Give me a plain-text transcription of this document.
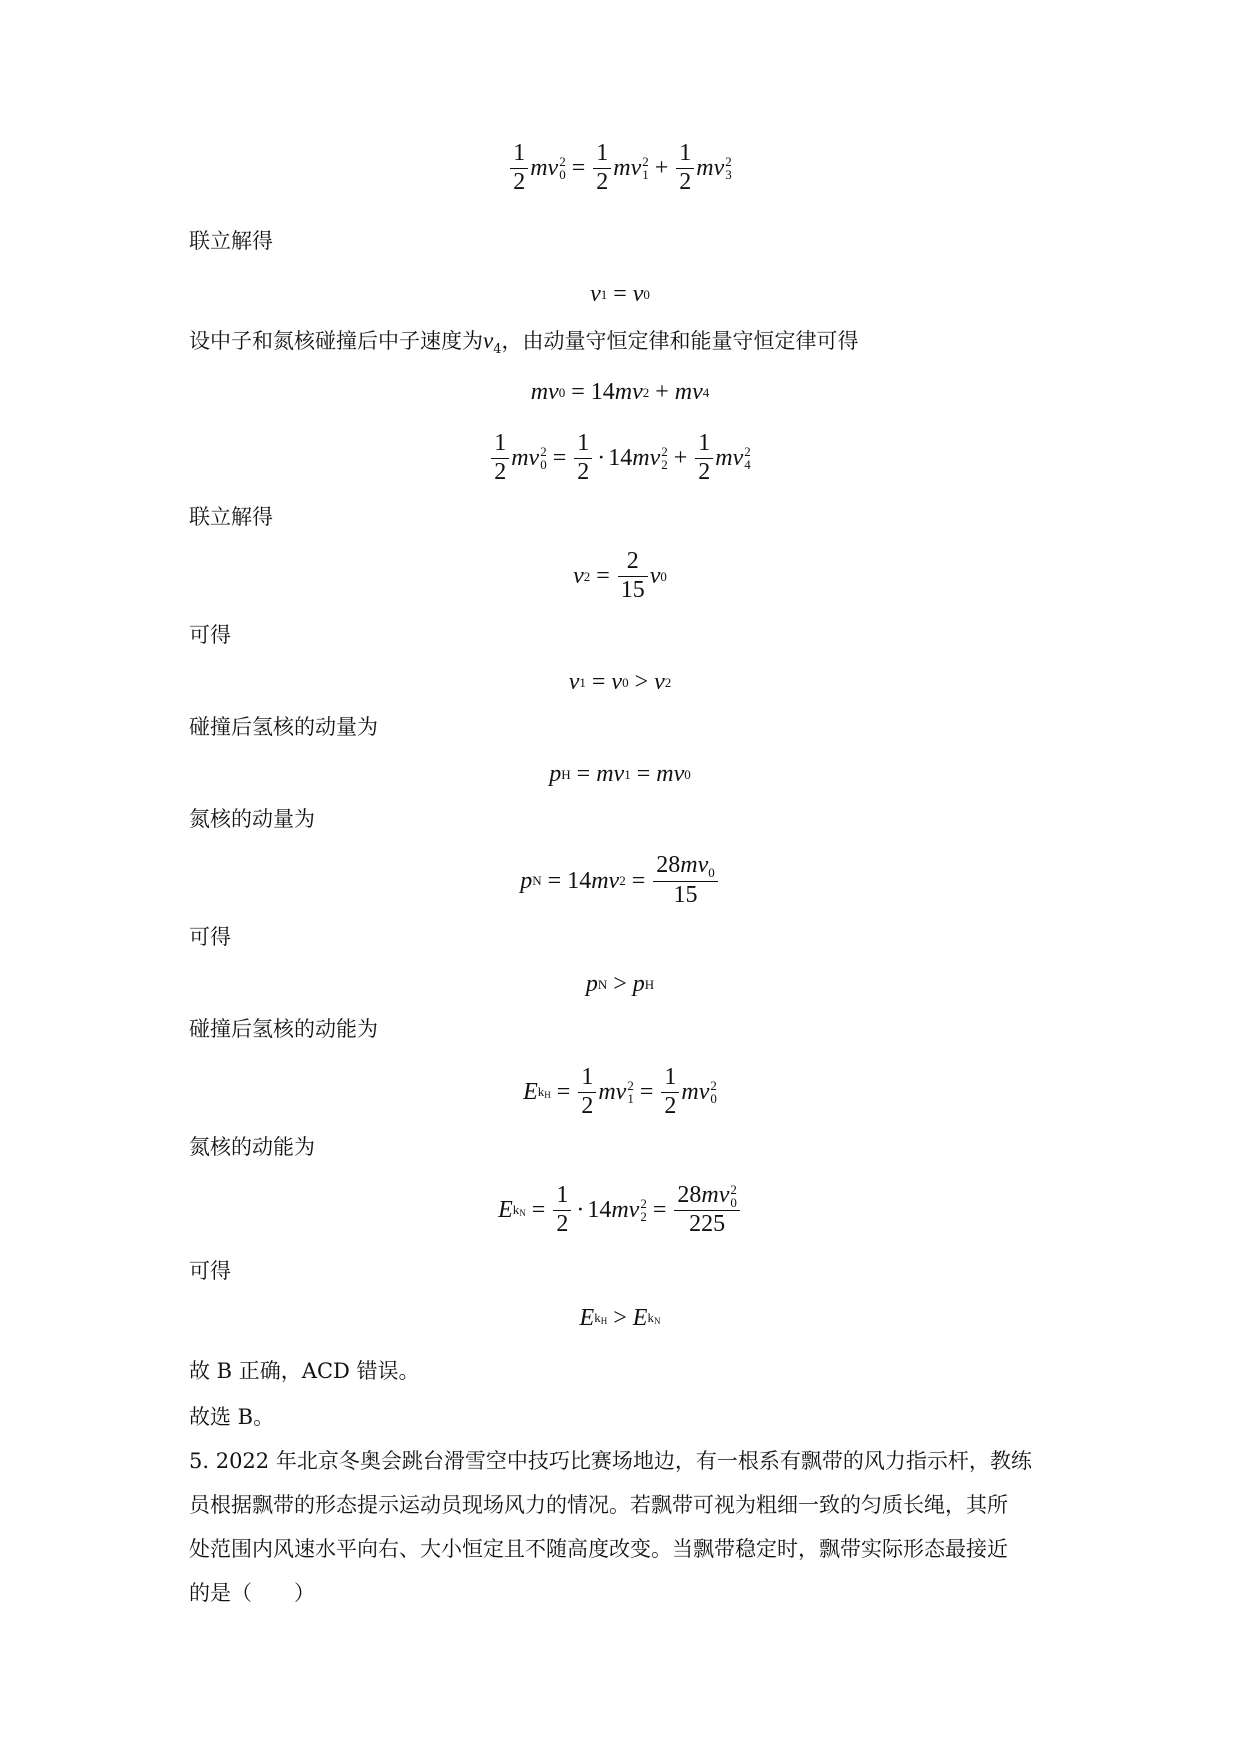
$\frac{1}{2}$ m v 2
$0 = \frac{1}{2}$ m v 2
$1 + \frac{1}{2}$ m v 2
3
联立解得
v 1 = v 0
设中子和氮核碰撞后中子速度为$v_4$，由动量守恒定律和能量守恒定律可得
m v 0 = 14 m v 2 + m v 4
$\frac{1}{2}$ m v 2
$0 = \frac{1}{2} \cdot 14$ m v 2
$2 + \frac{1}{2}$ m v 2
4
联立解得
v $2 = \frac{2}{15}$ v 0
可得
v 1 = v 0 > v 2
碰撞后氢核的动量为
p H = m v 1 = m v 0
氮核的动量为
p N = 14 m v $2 = \frac{28mv_0}{15}$
可得
p N > p H
碰撞后氢核的动能为
E kH = $\frac{1}{2}$ m v 2
$1 = \frac{1}{2}$ m v 2
0
氮核的动能为
E kN = $\frac{1}{2} \cdot 14$ m v 2
2 = 28mv 2
0
225
可得
E kH > E kN
故 B 正确，ACD 错误。
故选 B。
5. 2022 年北京冬奥会跳台滑雪空中技巧比赛场地边，有一根系有飘带的风力指示杆，教练
员根据飘带的形态提示运动员现场风力的情况。若飘带可视为粗细一致的匀质长绳，其所
处范围内风速水平向右、大小恒定且不随高度改变。当飘带稳定时，飘带实际形态最接近
的是（　　）
